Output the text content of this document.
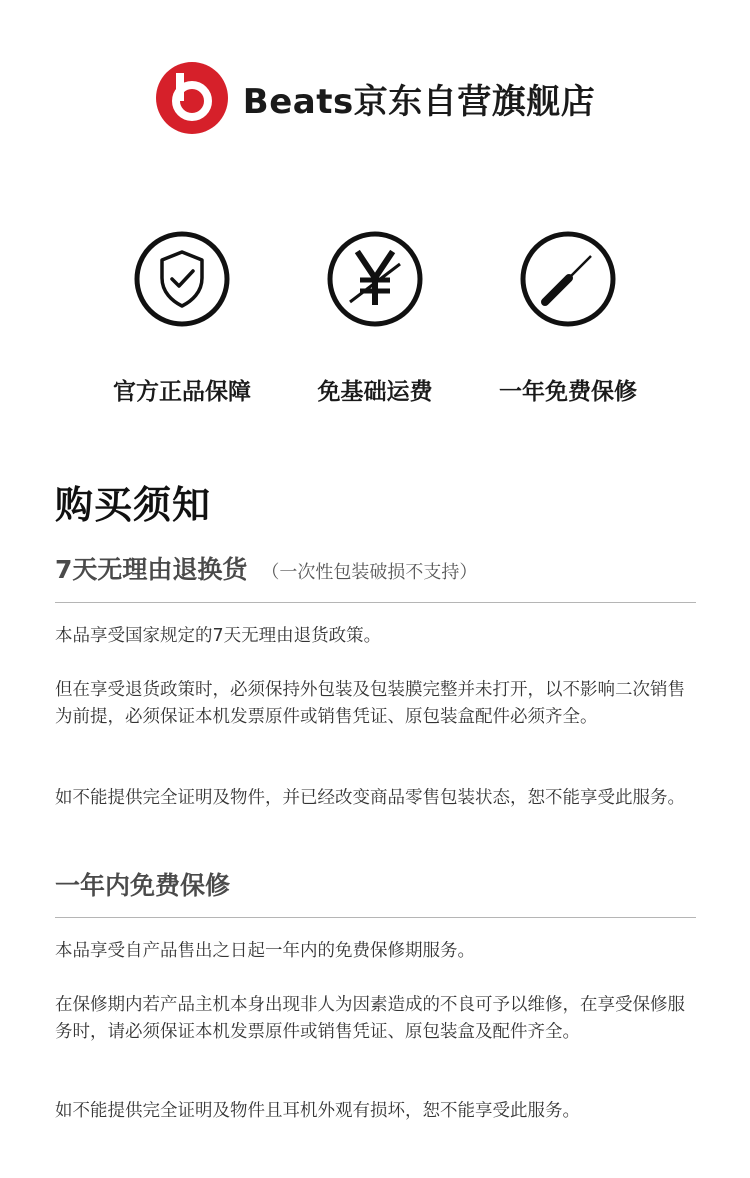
Beats京东自营旗舰店
官方正品保障	免基础运费	一年免费保修
购买须知
7天无理由退换货 （一次性包装破损不支持）

本品享受国家规定的7天无理由退货政策。

但在享受退货政策时，必须保持外包装及包装膜完整并未打开，以不影响二次销售为前提，必须保证本机发票原件或销售凭证、原包装盒配件必须齐全。

如不能提供完全证明及物件，并已经改变商品零售包装状态，恕不能享受此服务。

一年内免费保修

本品享受自产品售出之日起一年内的免费保修期服务。

在保修期内若产品主机本身出现非人为因素造成的不良可予以维修，在享受保修服务时，请必须保证本机发票原件或销售凭证、原包装盒及配件齐全。

如不能提供完全证明及物件且耳机外观有损坏，恕不能享受此服务。
